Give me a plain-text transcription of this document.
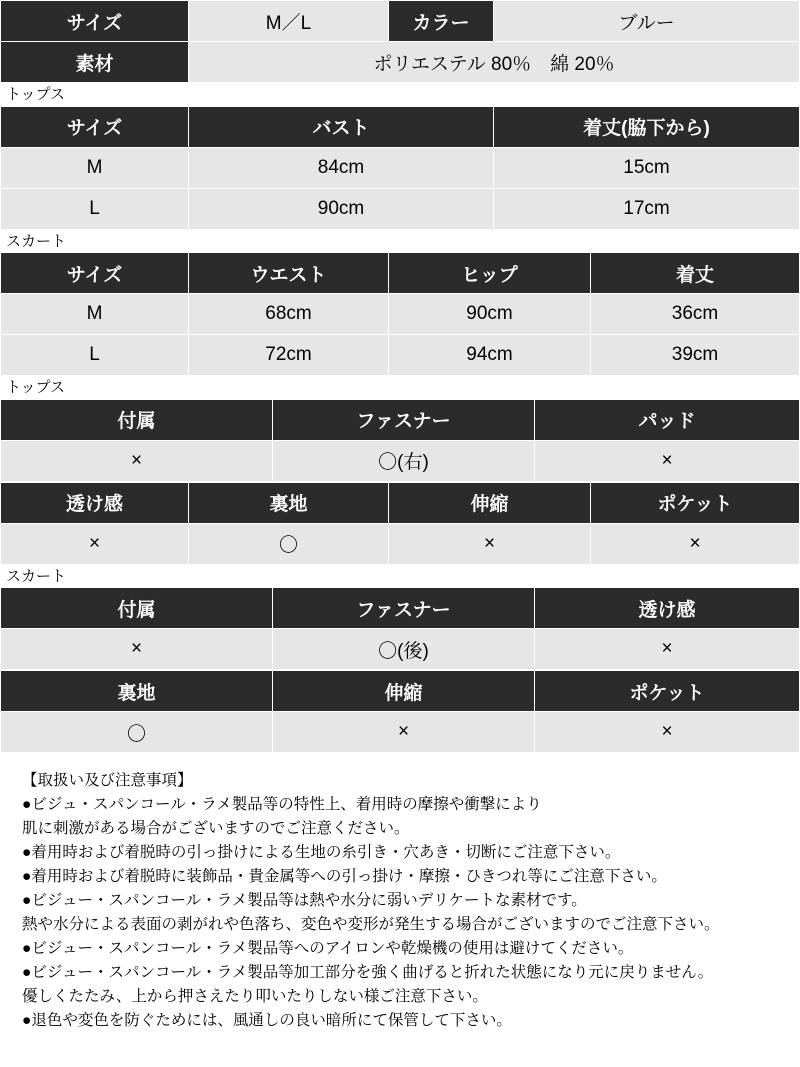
サイズ	M／L	カラー	ブルー
素材	ポリエステル 80％　綿 20％		
トップス
サイズ	バスト	着丈(脇下から)
M	84cm	15cm
L	90cm	17cm
スカート
サイズ	ウエスト	ヒップ	着丈
M	68cm	90cm	36cm
L	72cm	94cm	39cm
トップス
付属	ファスナー	パッド
×	〇(右)	×
透け感	裏地	伸縮	ポケット
×	〇	×	×
スカート
付属	ファスナー	透け感
×	〇(後)	×
裏地	伸縮	ポケット
〇	×	×
【取扱い及び注意事項】
●ビジュ・スパンコール・ラメ製品等の特性上、着用時の摩擦や衝撃により
肌に刺激がある場合がございますのでご注意ください。
●着用時および着脱時の引っ掛けによる生地の糸引き・穴あき・切断にご注意下さい。
●着用時および着脱時に装飾品・貴金属等への引っ掛け・摩擦・ひきつれ等にご注意下さい。
●ビジュー・スパンコール・ラメ製品等は熱や水分に弱いデリケートな素材です。
熱や水分による表面の剥がれや色落ち、変色や変形が発生する場合がございますのでご注意下さい。
●ビジュー・スパンコール・ラメ製品等へのアイロンや乾燥機の使用は避けてください。
●ビジュー・スパンコール・ラメ製品等加工部分を強く曲げると折れた状態になり元に戻りません。
優しくたたみ、上から押さえたり叩いたりしない様ご注意下さい。
●退色や変色を防ぐためには、風通しの良い暗所にて保管して下さい。
